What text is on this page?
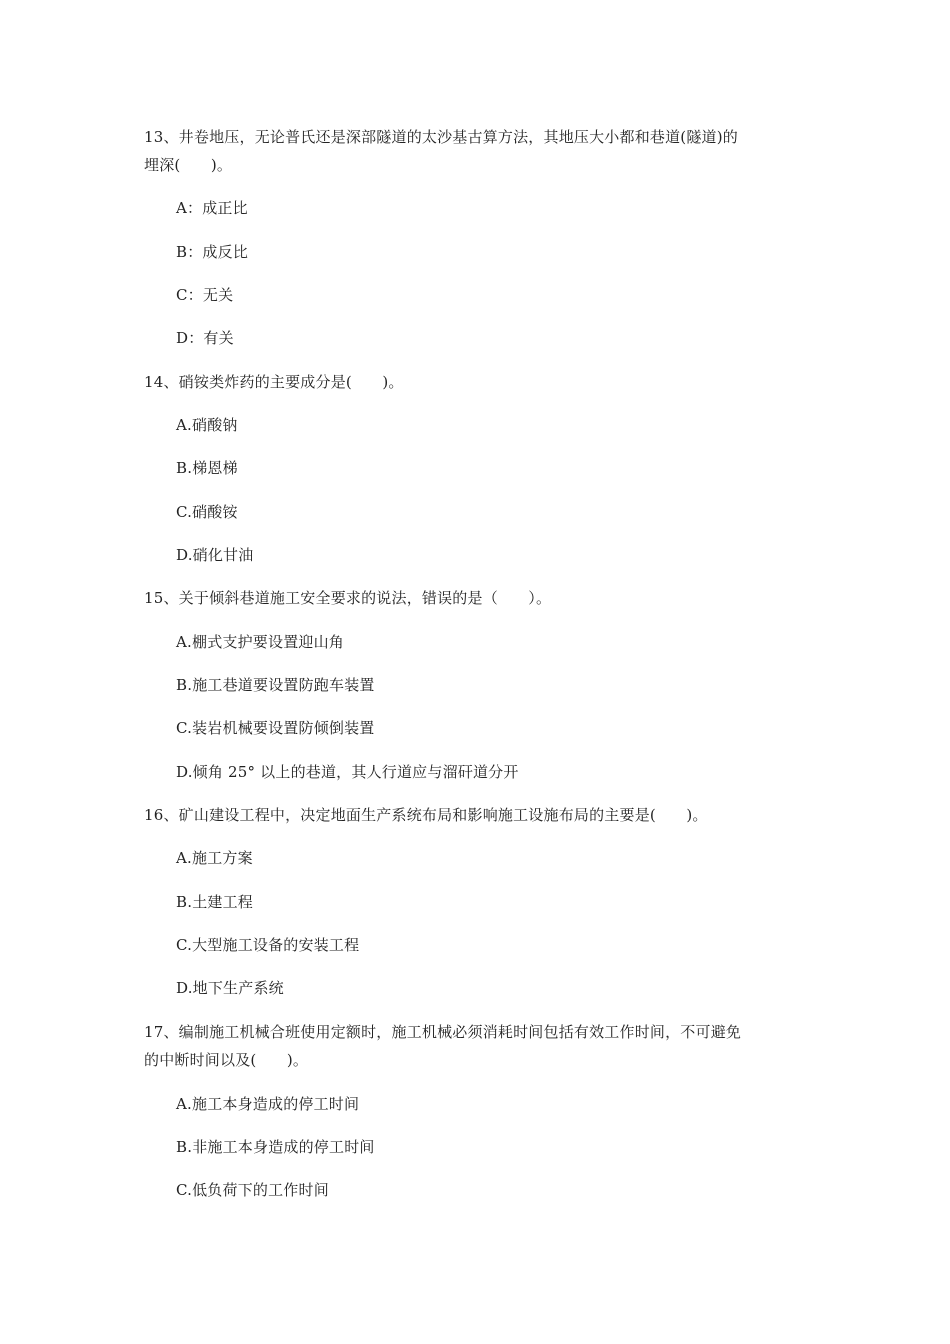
13、井卷地压，无论普氏还是深部隧道的太沙基古算方法，其地压大小都和巷道(隧道)的
埋深(　　)。
A：成正比
B：成反比
C：无关
D：有关
14、硝铵类炸药的主要成分是(　　)。
A.硝酸钠
B.梯恩梯
C.硝酸铵
D.硝化甘油
15、关于倾斜巷道施工安全要求的说法，错误的是（　　）。
A.棚式支护要设置迎山角
B.施工巷道要设置防跑车装置
C.装岩机械要设置防倾倒装置
D.倾角 25° 以上的巷道，其人行道应与溜矸道分开
16、矿山建设工程中，决定地面生产系统布局和影响施工设施布局的主要是(　　)。
A.施工方案
B.土建工程
C.大型施工设备的安装工程
D.地下生产系统
17、编制施工机械合班使用定额时，施工机械必须消耗时间包括有效工作时间，不可避免
的中断时间以及(　　)。
A.施工本身造成的停工时间
B.非施工本身造成的停工时间
C.低负荷下的工作时间
